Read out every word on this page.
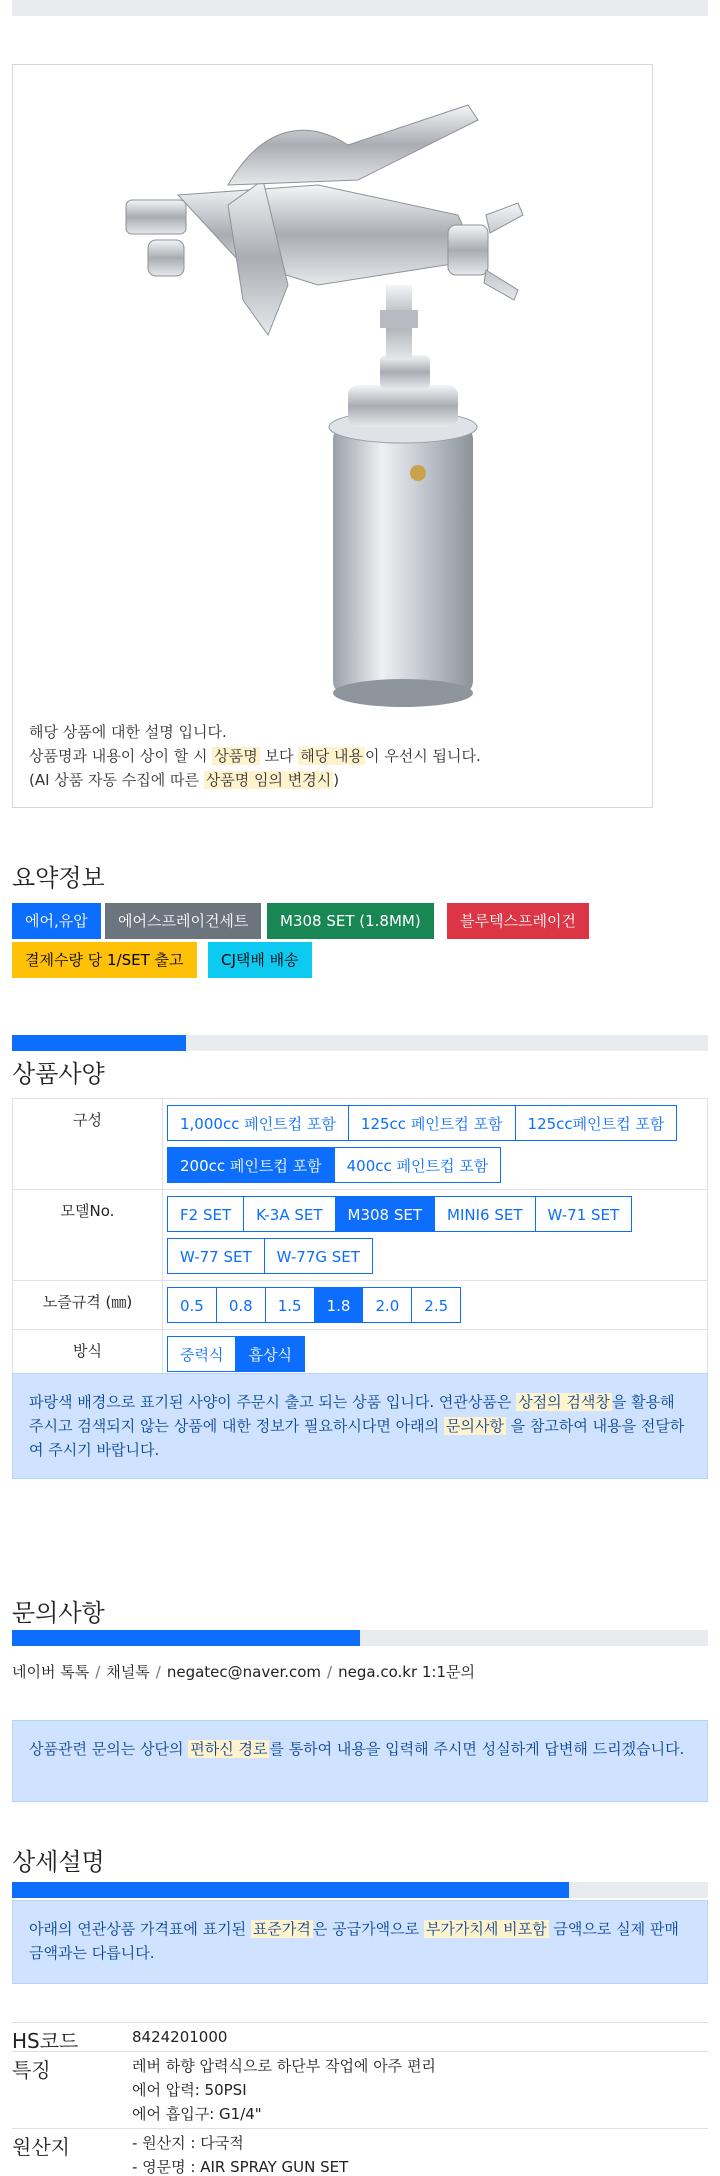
해당 상품에 대한 설명 입니다.
상품명과 내용이 상이 할 시 상품명 보다 해당 내용 이 우선시 됩니다.
(AI 상품 자동 수집에 따른 상품명 임의 변경시 )
요약정보
에어,유압	에어스프레이건세트	M308 SET (1.8MM)	블루텍스프레이건
결제수량 당 1/SET 출고	CJ택배 배송
상품사양
구성	1,000cc 페인트컵 포함 125cc 페인트컵 포함 125cc페인트컵 포함200cc 페인트컵 포함 400cc 페인트컵 포함
모델No.	F2 SET K-3A SET M308 SET MINI6 SET W-71 SETW-77 SET W-77G SET
노즐규격 (㎜)	0.5 0.8 1.5 1.8 2.0 2.5
방식	중력식 흡상식
파랑색 배경으로 표기된 사양이 주문시 출고 되는 상품 입니다. 연관상품은 상점의 검색창 을 활용해 주시고 검색되지 않는 상품에 대한 정보가 필요하시다면 아래의 문의사항 을 참고하여 내용을 전달하여 주시기 바랍니다.
문의사항
네이버 톡톡 / 채널톡 / negatec@naver.com / nega.co.kr 1:1문의
상품관련 문의는 상단의 편하신 경로 를 통하여 내용을 입력해 주시면 성실하게 답변해 드리겠습니다.
상세설명
아래의 연관상품 가격표에 표기된 표준가격 은 공급가액으로 부가가치세 비포함 금액으로 실제 판매금액과는 다릅니다.
HS코드	8424201000
특징	레버 하향 압력식으로 하단부 작업에 아주 편리
에어 압력: 50PSI
에어 흡입구: G1/4"
원산지	- 원산지 : 다국적
- 영문명 : AIR SPRAY GUN SET
